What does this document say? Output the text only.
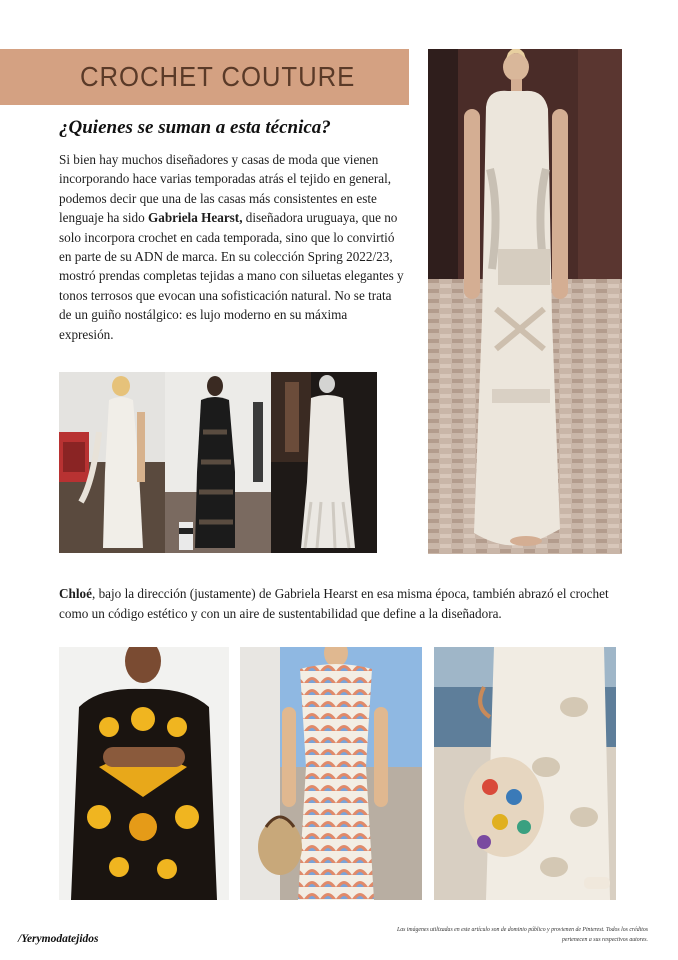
CROCHET COUTURE
¿Quienes se suman a esta técnica?
Si bien hay muchos diseñadores y casas de moda que vienen incorporando hace varias temporadas atrás el tejido en general, podemos decir que una de las casas más consistentes en este lenguaje ha sido Gabriela Hearst, diseñadora uruguaya, que no solo incorpora crochet en cada temporada, sino que lo convirtió en parte de su ADN de marca. En su colección Spring 2022/23, mostró prendas completas tejidas a mano con siluetas elegantes y tonos terrosos que evocan una sofisticación natural. No se trata de un guiño nostálgico: es lujo moderno en su máxima expresión.
Chloé, bajo la dirección (justamente) de Gabriela Hearst en esa misma época, también abrazó el crochet como un código estético y con un aire de sustentabilidad que define a la diseñadora.
/Yerymodatejidos
Las imágenes utilizadas en este artículo son de dominio público y provienen de Pinterest. Todos los créditos
pertenecen a sus respectivos autores.
